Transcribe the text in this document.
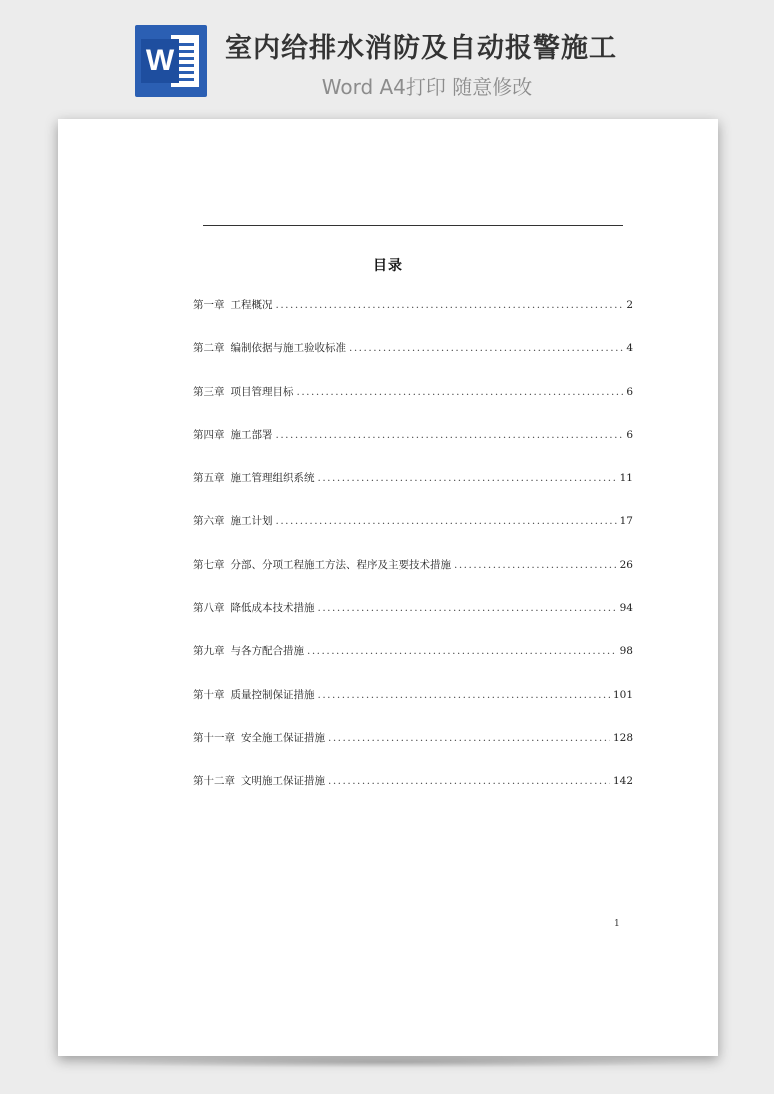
W 室内给排水消防及自动报警施工
Word A4打印 随意修改
目录
第一章 工程概况 .....	2
第二章 编制依据与施工验收标准 .....	4
第三章 项目管理目标 .....	6
第四章 施工部署 .....	6
第五章 施工管理组织系统 .....	11
第六章 施工计划 .....	17
第七章 分部、分项工程施工方法、程序及主要技术措施 .....	26
第八章 降低成本技术措施 .....	94
第九章 与各方配合措施 .....	98
第十章 质量控制保证措施 .....	101
第十一章 安全施工保证措施 .....	128
第十二章 文明施工保证措施 .....	142
1
